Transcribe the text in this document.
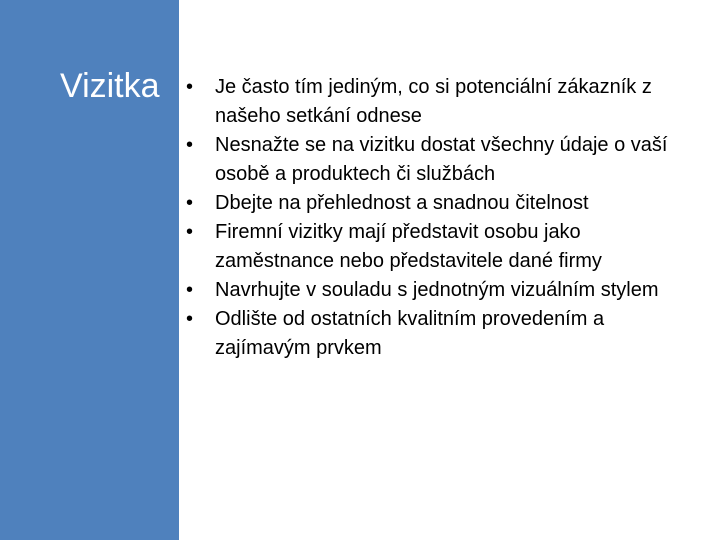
Vizitka •	Je často tím jediným, co si potenciální zákazník z našeho setkání odnese
•	Nesnažte se na vizitku dostat všechny údaje o vaší osobě a produktech či službách
•	Dbejte na přehlednost a snadnou čitelnost
•	Firemní vizitky mají představit osobu jako zaměstnance nebo představitele dané firmy
•	Navrhujte v souladu s jednotným vizuálním stylem
•	Odlište od ostatních kvalitním provedením a zajímavým prvkem
